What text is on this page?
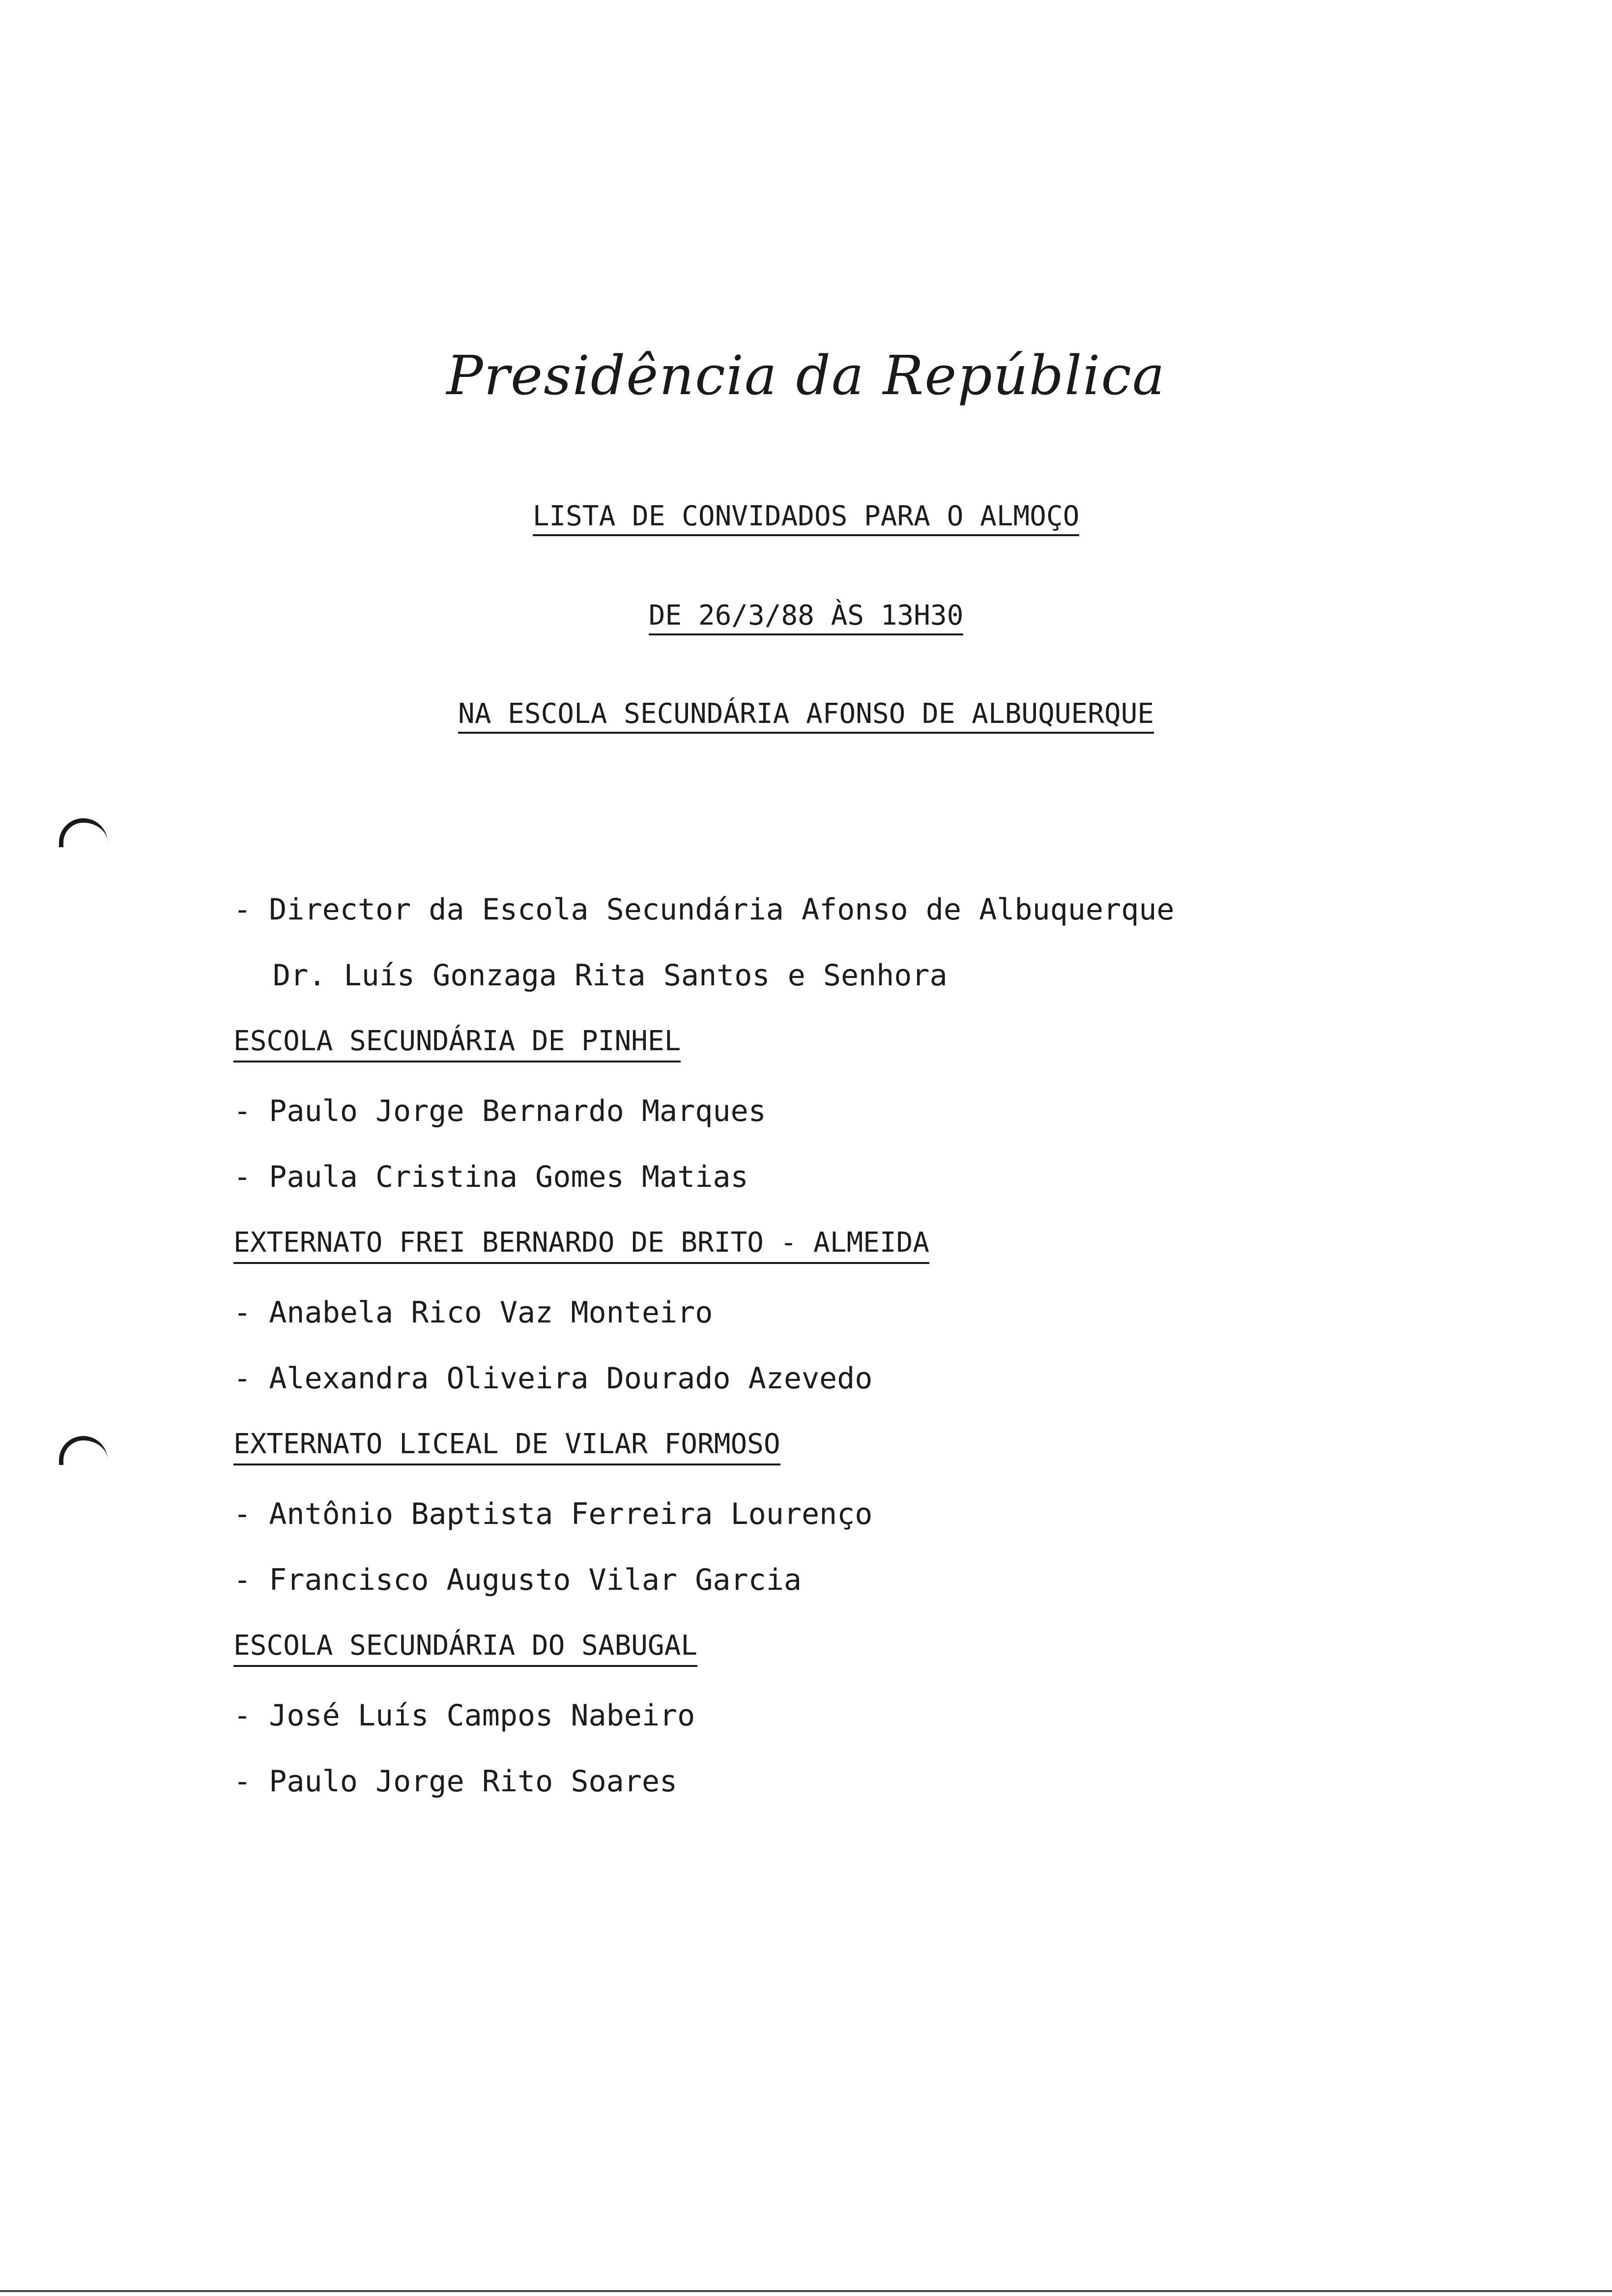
Presidência da República
LISTA DE CONVIDADOS PARA O ALMOÇO
DE 26/3/88 ÀS 13H30
NA ESCOLA SECUNDÁRIA AFONSO DE ALBUQUERQUE
- Director da Escola Secundária Afonso de Albuquerque
Dr. Luís Gonzaga Rita Santos e Senhora
ESCOLA SECUNDÁRIA DE PINHEL
- Paulo Jorge Bernardo Marques
- Paula Cristina Gomes Matias
EXTERNATO FREI BERNARDO DE BRITO - ALMEIDA
- Anabela Rico Vaz Monteiro
- Alexandra Oliveira Dourado Azevedo
EXTERNATO LICEAL DE VILAR FORMOSO
- Antônio Baptista Ferreira Lourenço
- Francisco Augusto Vilar Garcia
ESCOLA SECUNDÁRIA DO SABUGAL
- José Luís Campos Nabeiro
- Paulo Jorge Rito Soares
